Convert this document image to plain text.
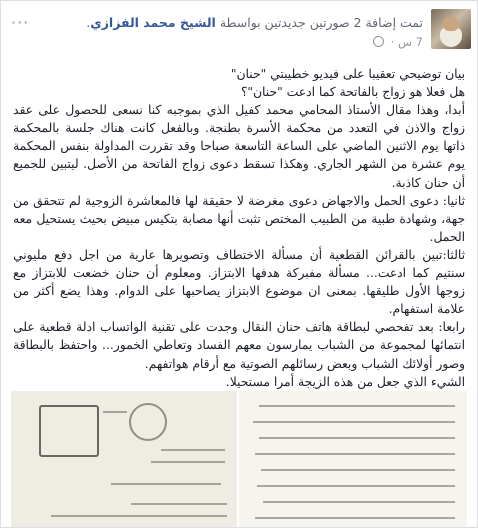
تمت إضافة 2 صورتين جديدتين بواسطة الشيخ محمد الفزازي.
7 س ·
···

بيان توضيحي تعقيبا على فيديو خطيبتي "حنان"

هل فعلا هو زواج بالفاتحة كما ادعت "حنان"؟

أبدا، وهذا مقال الأستاذ المحامي محمد كفيل الذي بموجبه كنا نسعى للحصول على عقد زواج والاذن في التعدد من محكمة الأسرة بطنجة. وبالفعل كانت هناك جلسة بالمحكمة ذاتها يوم الاثنين الماضي على الساعة التاسعة صباحا وقد تقررت المداولة بنفس المحكمة يوم عشرة من الشهر الجاري. وهكذا تسقط دعوى زواج الفاتحة من الأصل. ليتبين للجميع أن حنان كاذبة.

ثانيا: دعوى الحمل والاجهاض دعوى مغرضة لا حقيقة لها فالمعاشرة الزوجية لم تتحقق من جهة، وشهادة طبية من الطبيب المختص تثبت أنها مصابة بتكيس مبيض بحيث يستحيل معه الحمل.

ثالثا:تبين بالقرائن القطعية أن مسألة الاختطاف وتصويرها عارية من اجل دفع مليوني سنتيم كما ادعت... مسألة مفبركة هدفها الابتزاز. ومعلوم أن حنان خضعت للابتزاز مع زوجها الأول طليقها. بمعنى ان موضوع الابتزاز يصاحبها على الدوام. وهذا يضع أكثر من علامة استفهام.

رابعا: بعد تفحصي لبطاقة هاتف حنان النقال وجدت على تقنية الواتساب ادلة قطعية على انتمائها لمجموعة من الشباب يمارسون معهم الفساد وتعاطي الخمور... واحتفظ بالبطاقة وصور أولائك الشباب وبعض رسائلهم الصوتية مع أرقام هواتفهم.

الشيء الذي جعل من هذه الزيجة أمرا مستحيلا.
